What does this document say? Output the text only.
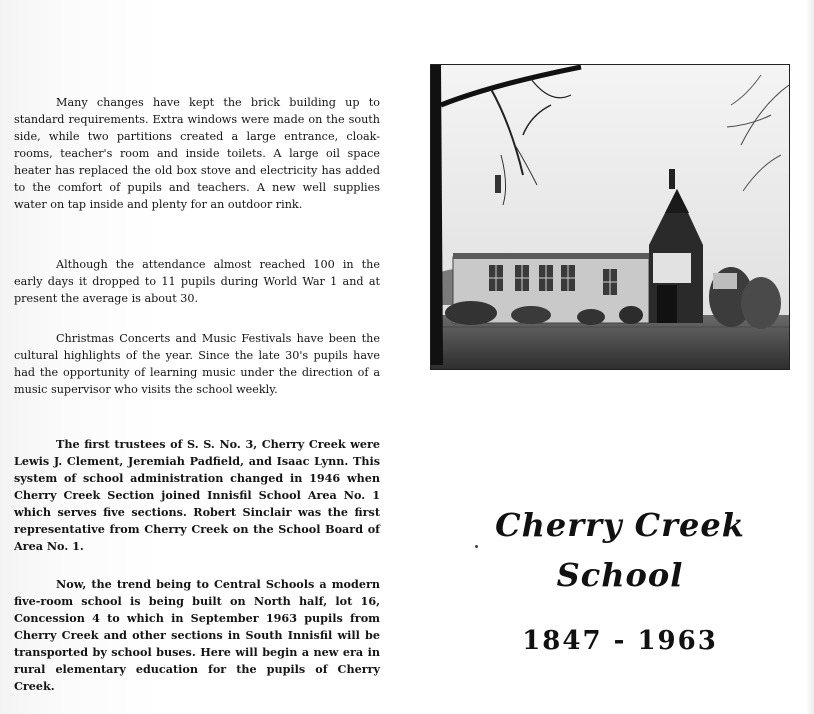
Many changes have kept the brick building up to standard requirements. Extra windows were made on the south side, while two partitions created a large entrance, cloak-rooms, teacher's room and inside toilets. A large oil space heater has replaced the old box stove and electricity has added to the comfort of pupils and teachers. A new well supplies water on tap inside and plenty for an outdoor rink.

Although the attendance almost reached 100 in the early days it dropped to 11 pupils during World War 1 and at present the average is about 30.

Christmas Concerts and Music Festivals have been the cultural highlights of the year. Since the late 30's pupils have had the opportunity of learning music under the direction of a music supervisor who visits the school weekly.

The first trustees of S. S. No. 3, Cherry Creek were Lewis J. Clement, Jeremiah Padfield, and Isaac Lynn. This system of school administration changed in 1946 when Cherry Creek Section joined Innisfil School Area No. 1 which serves five sections. Robert Sinclair was the first representative from Cherry Creek on the School Board of Area No. 1.

Now, the trend being to Central Schools a modern five-room school is being built on North half, lot 16, Concession 4 to which in September 1963 pupils from Cherry Creek and other sections in South Innisfil will be transported by school buses. Here will begin a new era in rural elementary education for the pupils of Cherry Creek.

Cherry Creek
School
1847 - 1963
